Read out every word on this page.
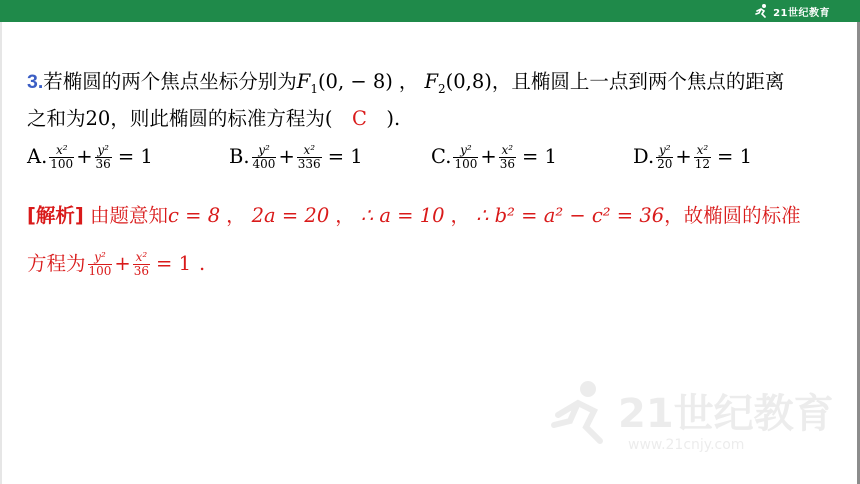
21世纪教育
3.若椭圆的两个焦点坐标分别为$F_1(0$, − 8) ， $F_2(0,8)$，且椭圆上一点到两个焦点的距离
之和为20，则此椭圆的标准方程为( C ).
A. $\frac{\text{x²}}{100} + \frac{\text{y²}}{36} = 1$	B. $\frac{\text{y²}}{400} + \frac{\text{x²}}{336} = 1$	C. $\frac{\text{y²}}{100} + \frac{\text{x²}}{36} = 1$	D. $\frac{\text{y²}}{20} + \frac{\text{x²}}{12} = 1$
[解析] 由题意知c = 8 ， 2a = 20 ， ∴ a = 10 ， ∴ b² = a² − c² = 36，故椭圆的标准
方程为 $\frac{\text{y²}}{100} + \frac{\text{x²}}{36} = 1$ .
21世纪教育
www.21cnjy.com
